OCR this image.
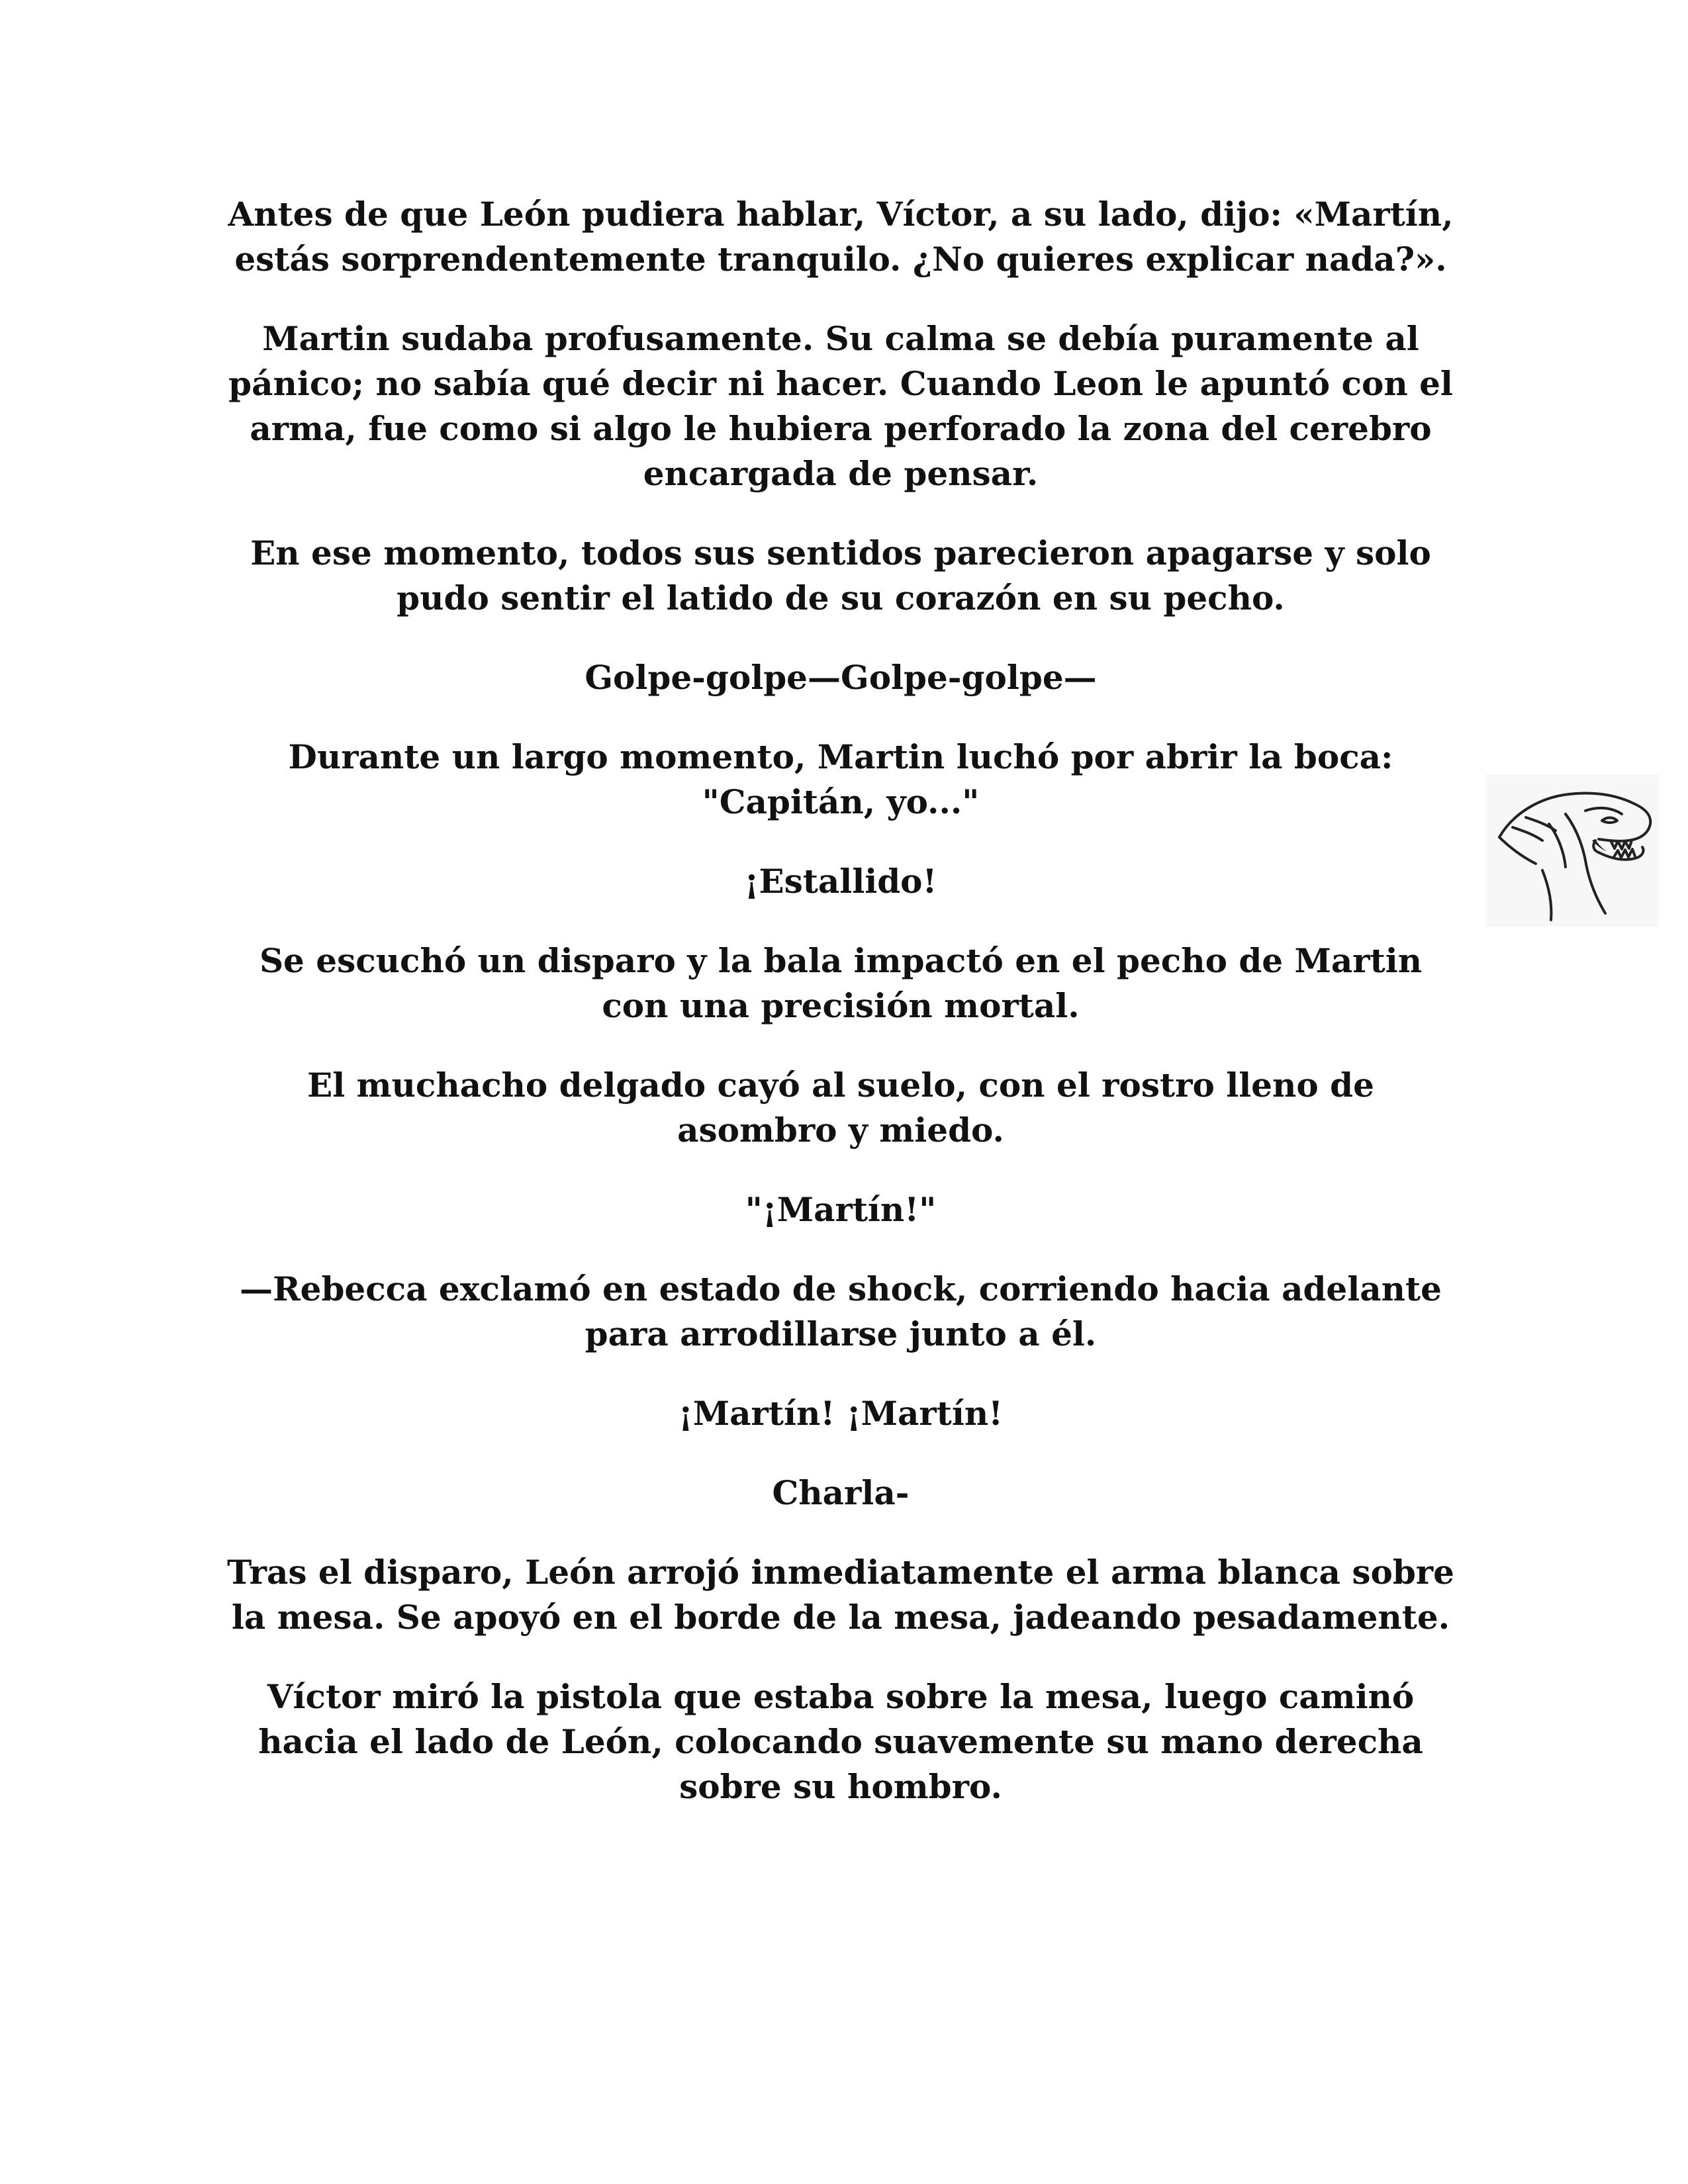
Antes de que León pudiera hablar, Víctor, a su lado, dijo: «Martín, estás sorprendentemente tranquilo. ¿No quieres explicar nada?».

Martin sudaba profusamente. Su calma se debía puramente al pánico; no sabía qué decir ni hacer. Cuando Leon le apuntó con el arma, fue como si algo le hubiera perforado la zona del cerebro encargada de pensar.

En ese momento, todos sus sentidos parecieron apagarse y solo pudo sentir el latido de su corazón en su pecho.

Golpe-golpe—Golpe-golpe—

Durante un largo momento, Martin luchó por abrir la boca: "Capitán, yo..."

¡Estallido!

Se escuchó un disparo y la bala impactó en el pecho de Martin con una precisión mortal.

El muchacho delgado cayó al suelo, con el rostro lleno de asombro y miedo.

"¡Martín!"

—Rebecca exclamó en estado de shock, corriendo hacia adelante para arrodillarse junto a él.

¡Martín! ¡Martín!

Charla-

Tras el disparo, León arrojó inmediatamente el arma blanca sobre la mesa. Se apoyó en el borde de la mesa, jadeando pesadamente.

Víctor miró la pistola que estaba sobre la mesa, luego caminó hacia el lado de León, colocando suavemente su mano derecha sobre su hombro.
